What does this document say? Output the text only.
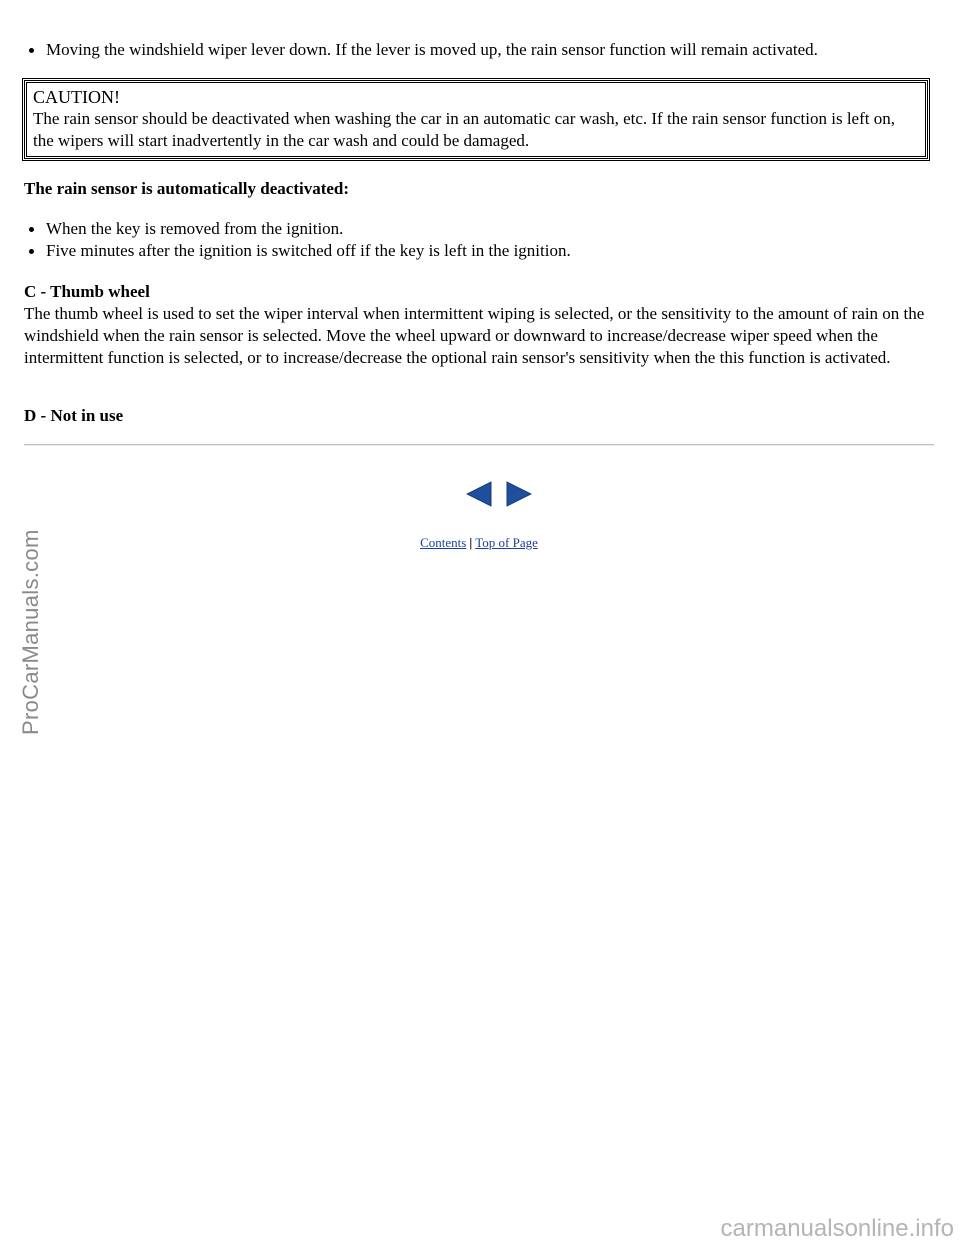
Moving the windshield wiper lever down. If the lever is moved up, the rain sensor function will remain activated.
CAUTION!
The rain sensor should be deactivated when washing the car in an automatic car wash, etc. If the rain sensor function is left on, the wipers will start inadvertently in the car wash and could be damaged.
The rain sensor is automatically deactivated:
When the key is removed from the ignition.
Five minutes after the ignition is switched off if the key is left in the ignition.
C - Thumb wheel
The thumb wheel is used to set the wiper interval when intermittent wiping is selected, or the sensitivity to the amount of rain on the windshield when the rain sensor is selected. Move the wheel upward or downward to increase/decrease wiper speed when the intermittent function is selected, or to increase/decrease the optional rain sensor's sensitivity when the this function is activated.
D - Not in use
Contents | Top of Page
ProCarManuals.com
carmanualsonline.info
